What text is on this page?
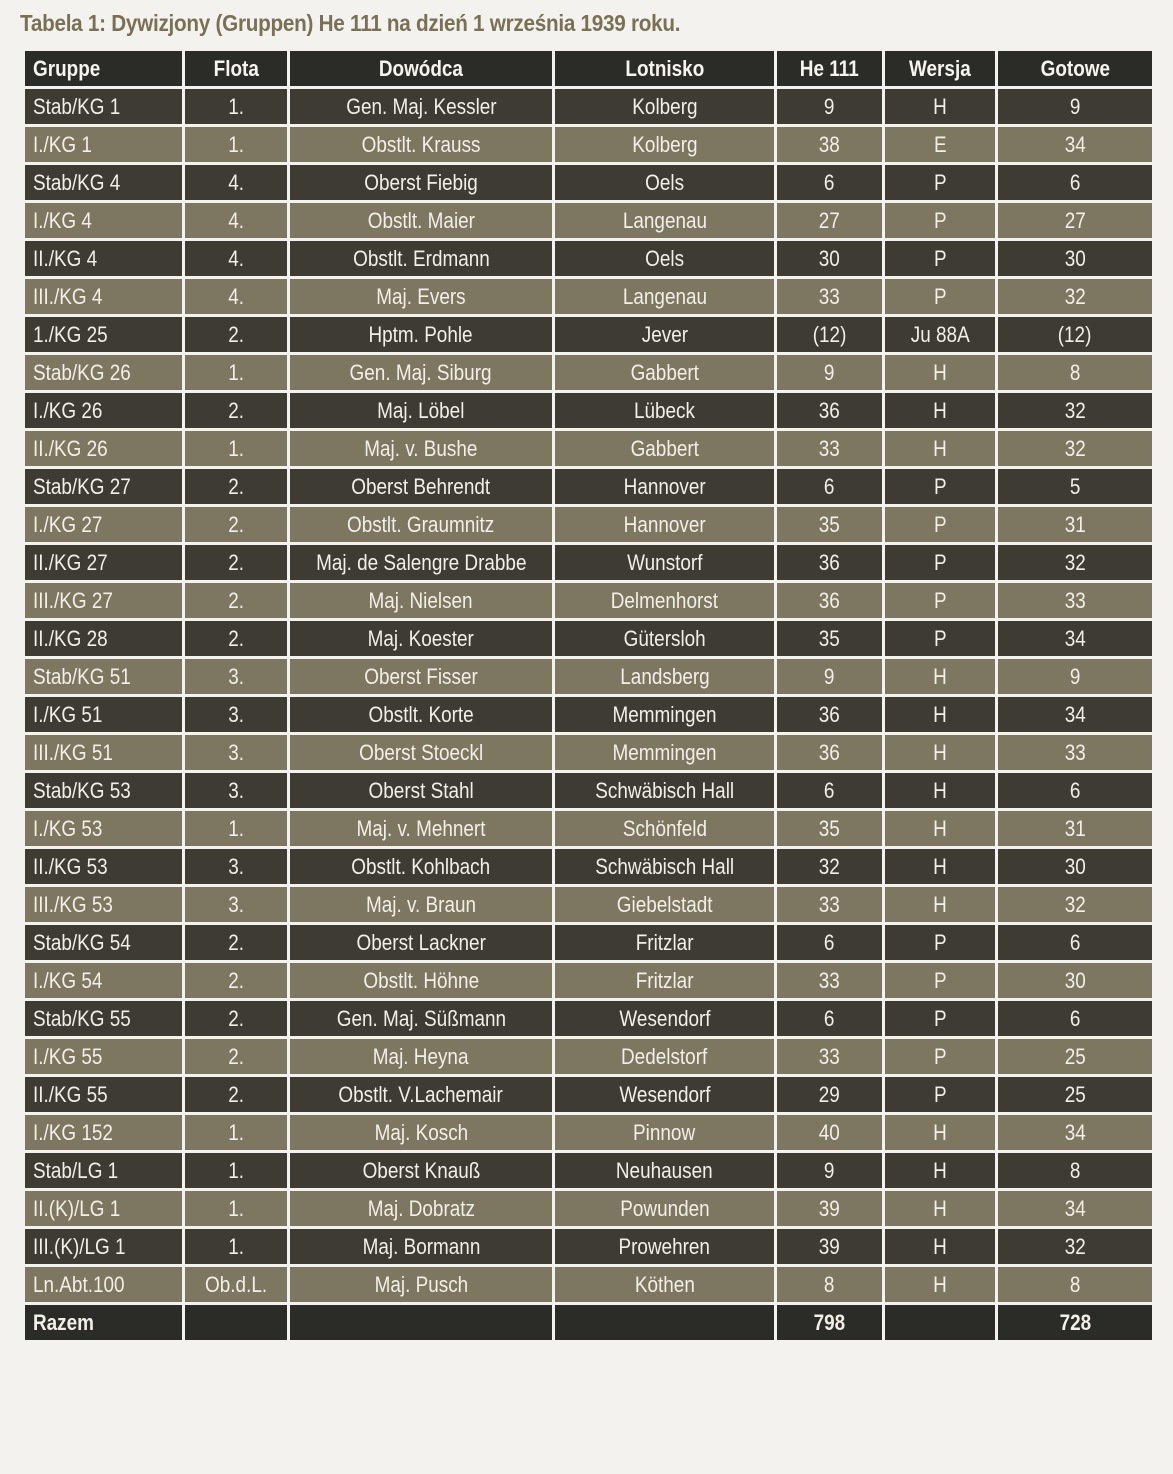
Tabela 1: Dywizjony (Gruppen) He 111 na dzień 1 września 1939 roku.
Gruppe	Flota	Dowódca	Lotnisko	He 111	Wersja	Gotowe
Stab/KG 1	1.	Gen. Maj. Kessler	Kolberg	9	H	9
I./KG 1	1.	Obstlt. Krauss	Kolberg	38	E	34
Stab/KG 4	4.	Oberst Fiebig	Oels	6	P	6
I./KG 4	4.	Obstlt. Maier	Langenau	27	P	27
II./KG 4	4.	Obstlt. Erdmann	Oels	30	P	30
III./KG 4	4.	Maj. Evers	Langenau	33	P	32
1./KG 25	2.	Hptm. Pohle	Jever	(12)	Ju 88A	(12)
Stab/KG 26	1.	Gen. Maj. Siburg	Gabbert	9	H	8
I./KG 26	2.	Maj. Löbel	Lübeck	36	H	32
II./KG 26	1.	Maj. v. Bushe	Gabbert	33	H	32
Stab/KG 27	2.	Oberst Behrendt	Hannover	6	P	5
I./KG 27	2.	Obstlt. Graumnitz	Hannover	35	P	31
II./KG 27	2.	Maj. de Salengre Drabbe	Wunstorf	36	P	32
III./KG 27	2.	Maj. Nielsen	Delmenhorst	36	P	33
II./KG 28	2.	Maj. Koester	Gütersloh	35	P	34
Stab/KG 51	3.	Oberst Fisser	Landsberg	9	H	9
I./KG 51	3.	Obstlt. Korte	Memmingen	36	H	34
III./KG 51	3.	Oberst Stoeckl	Memmingen	36	H	33
Stab/KG 53	3.	Oberst Stahl	Schwäbisch Hall	6	H	6
I./KG 53	1.	Maj. v. Mehnert	Schönfeld	35	H	31
II./KG 53	3.	Obstlt. Kohlbach	Schwäbisch Hall	32	H	30
III./KG 53	3.	Maj. v. Braun	Giebelstadt	33	H	32
Stab/KG 54	2.	Oberst Lackner	Fritzlar	6	P	6
I./KG 54	2.	Obstlt. Höhne	Fritzlar	33	P	30
Stab/KG 55	2.	Gen. Maj. Süßmann	Wesendorf	6	P	6
I./KG 55	2.	Maj. Heyna	Dedelstorf	33	P	25
II./KG 55	2.	Obstlt. V.Lachemair	Wesendorf	29	P	25
I./KG 152	1.	Maj. Kosch	Pinnow	40	H	34
Stab/LG 1	1.	Oberst Knauß	Neuhausen	9	H	8
II.(K)/LG 1	1.	Maj. Dobratz	Powunden	39	H	34
III.(K)/LG 1	1.	Maj. Bormann	Prowehren	39	H	32
Ln.Abt.100	Ob.d.L.	Maj. Pusch	Köthen	8	H	8
Razem				798		728
